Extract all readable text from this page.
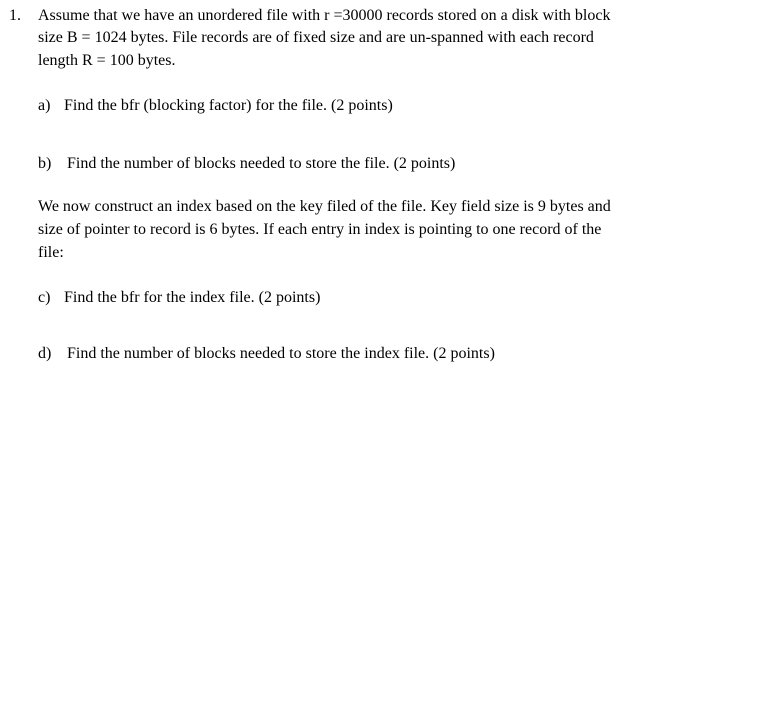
1. Assume that we have an unordered file with r =30000 records stored on a disk with block
size B = 1024 bytes. File records are of fixed size and are un-spanned with each record
length R = 100 bytes.
a) Find the bfr (blocking factor) for the file. (2 points)
b) Find the number of blocks needed to store the file. (2 points)
We now construct an index based on the key filed of the file. Key field size is 9 bytes and
size of pointer to record is 6 bytes. If each entry in index is pointing to one record of the
file:
c) Find the bfr for the index file. (2 points)
d) Find the number of blocks needed to store the index file. (2 points)
